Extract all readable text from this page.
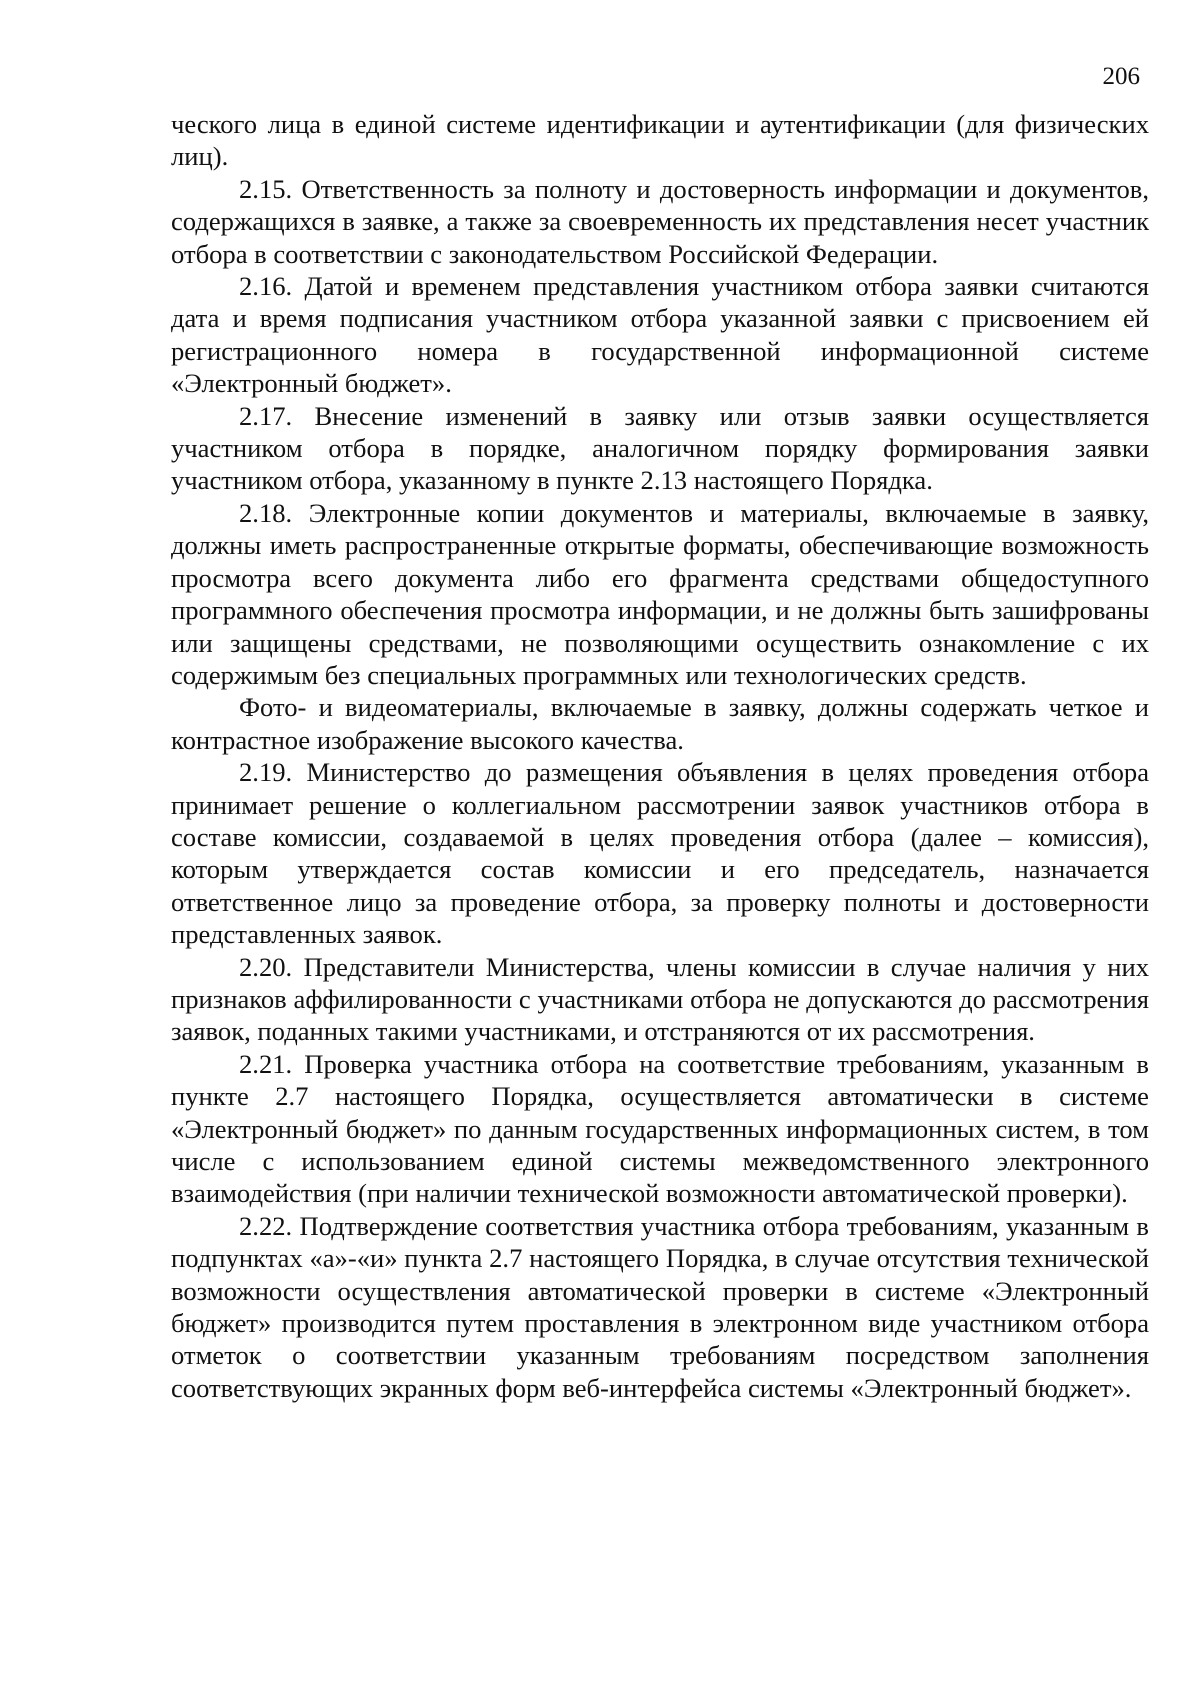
206

ческого лица в единой системе идентификации и аутентификации (для физических лиц).

2.15. Ответственность за полноту и достоверность информации и документов, содержащихся в заявке, а также за своевременность их представления несет участник отбора в соответствии с законодательством Российской Федерации.

2.16. Датой и временем представления участником отбора заявки считаются дата и время подписания участником отбора указанной заявки с присвоением ей регистрационного номера в государственной информационной системе «Электронный бюджет».

2.17. Внесение изменений в заявку или отзыв заявки осуществляется участником отбора в порядке, аналогичном порядку формирования заявки участником отбора, указанному в пункте 2.13 настоящего Порядка.

2.18. Электронные копии документов и материалы, включаемые в заявку, должны иметь распространенные открытые форматы, обеспечивающие возможность просмотра всего документа либо его фрагмента средствами общедоступного программного обеспечения просмотра информации, и не должны быть зашифрованы или защищены средствами, не позволяющими осуществить ознакомление с их содержимым без специальных программных или технологических средств.

Фото- и видеоматериалы, включаемые в заявку, должны содержать четкое и контрастное изображение высокого качества.

2.19. Министерство до размещения объявления в целях проведения отбора принимает решение о коллегиальном рассмотрении заявок участников отбора в составе комиссии, создаваемой в целях проведения отбора (далее – комиссия), которым утверждается состав комиссии и его председатель, назначается ответственное лицо за проведение отбора, за проверку полноты и достоверности представленных заявок.

2.20. Представители Министерства, члены комиссии в случае наличия у них признаков аффилированности с участниками отбора не допускаются до рассмотрения заявок, поданных такими участниками, и отстраняются от их рассмотрения.

2.21. Проверка участника отбора на соответствие требованиям, указанным в пункте 2.7 настоящего Порядка, осуществляется автоматически в системе «Электронный бюджет» по данным государственных информационных систем, в том числе с использованием единой системы межведомственного электронного взаимодействия (при наличии технической возможности автоматической проверки).

2.22. Подтверждение соответствия участника отбора требованиям, указанным в подпунктах «а»-«и» пункта 2.7 настоящего Порядка, в случае отсутствия технической возможности осуществления автоматической проверки в системе «Электронный бюджет» производится путем проставления в электронном виде участником отбора отметок о соответствии указанным требованиям посредством заполнения соответствующих экранных форм веб-интерфейса системы «Электронный бюджет».
